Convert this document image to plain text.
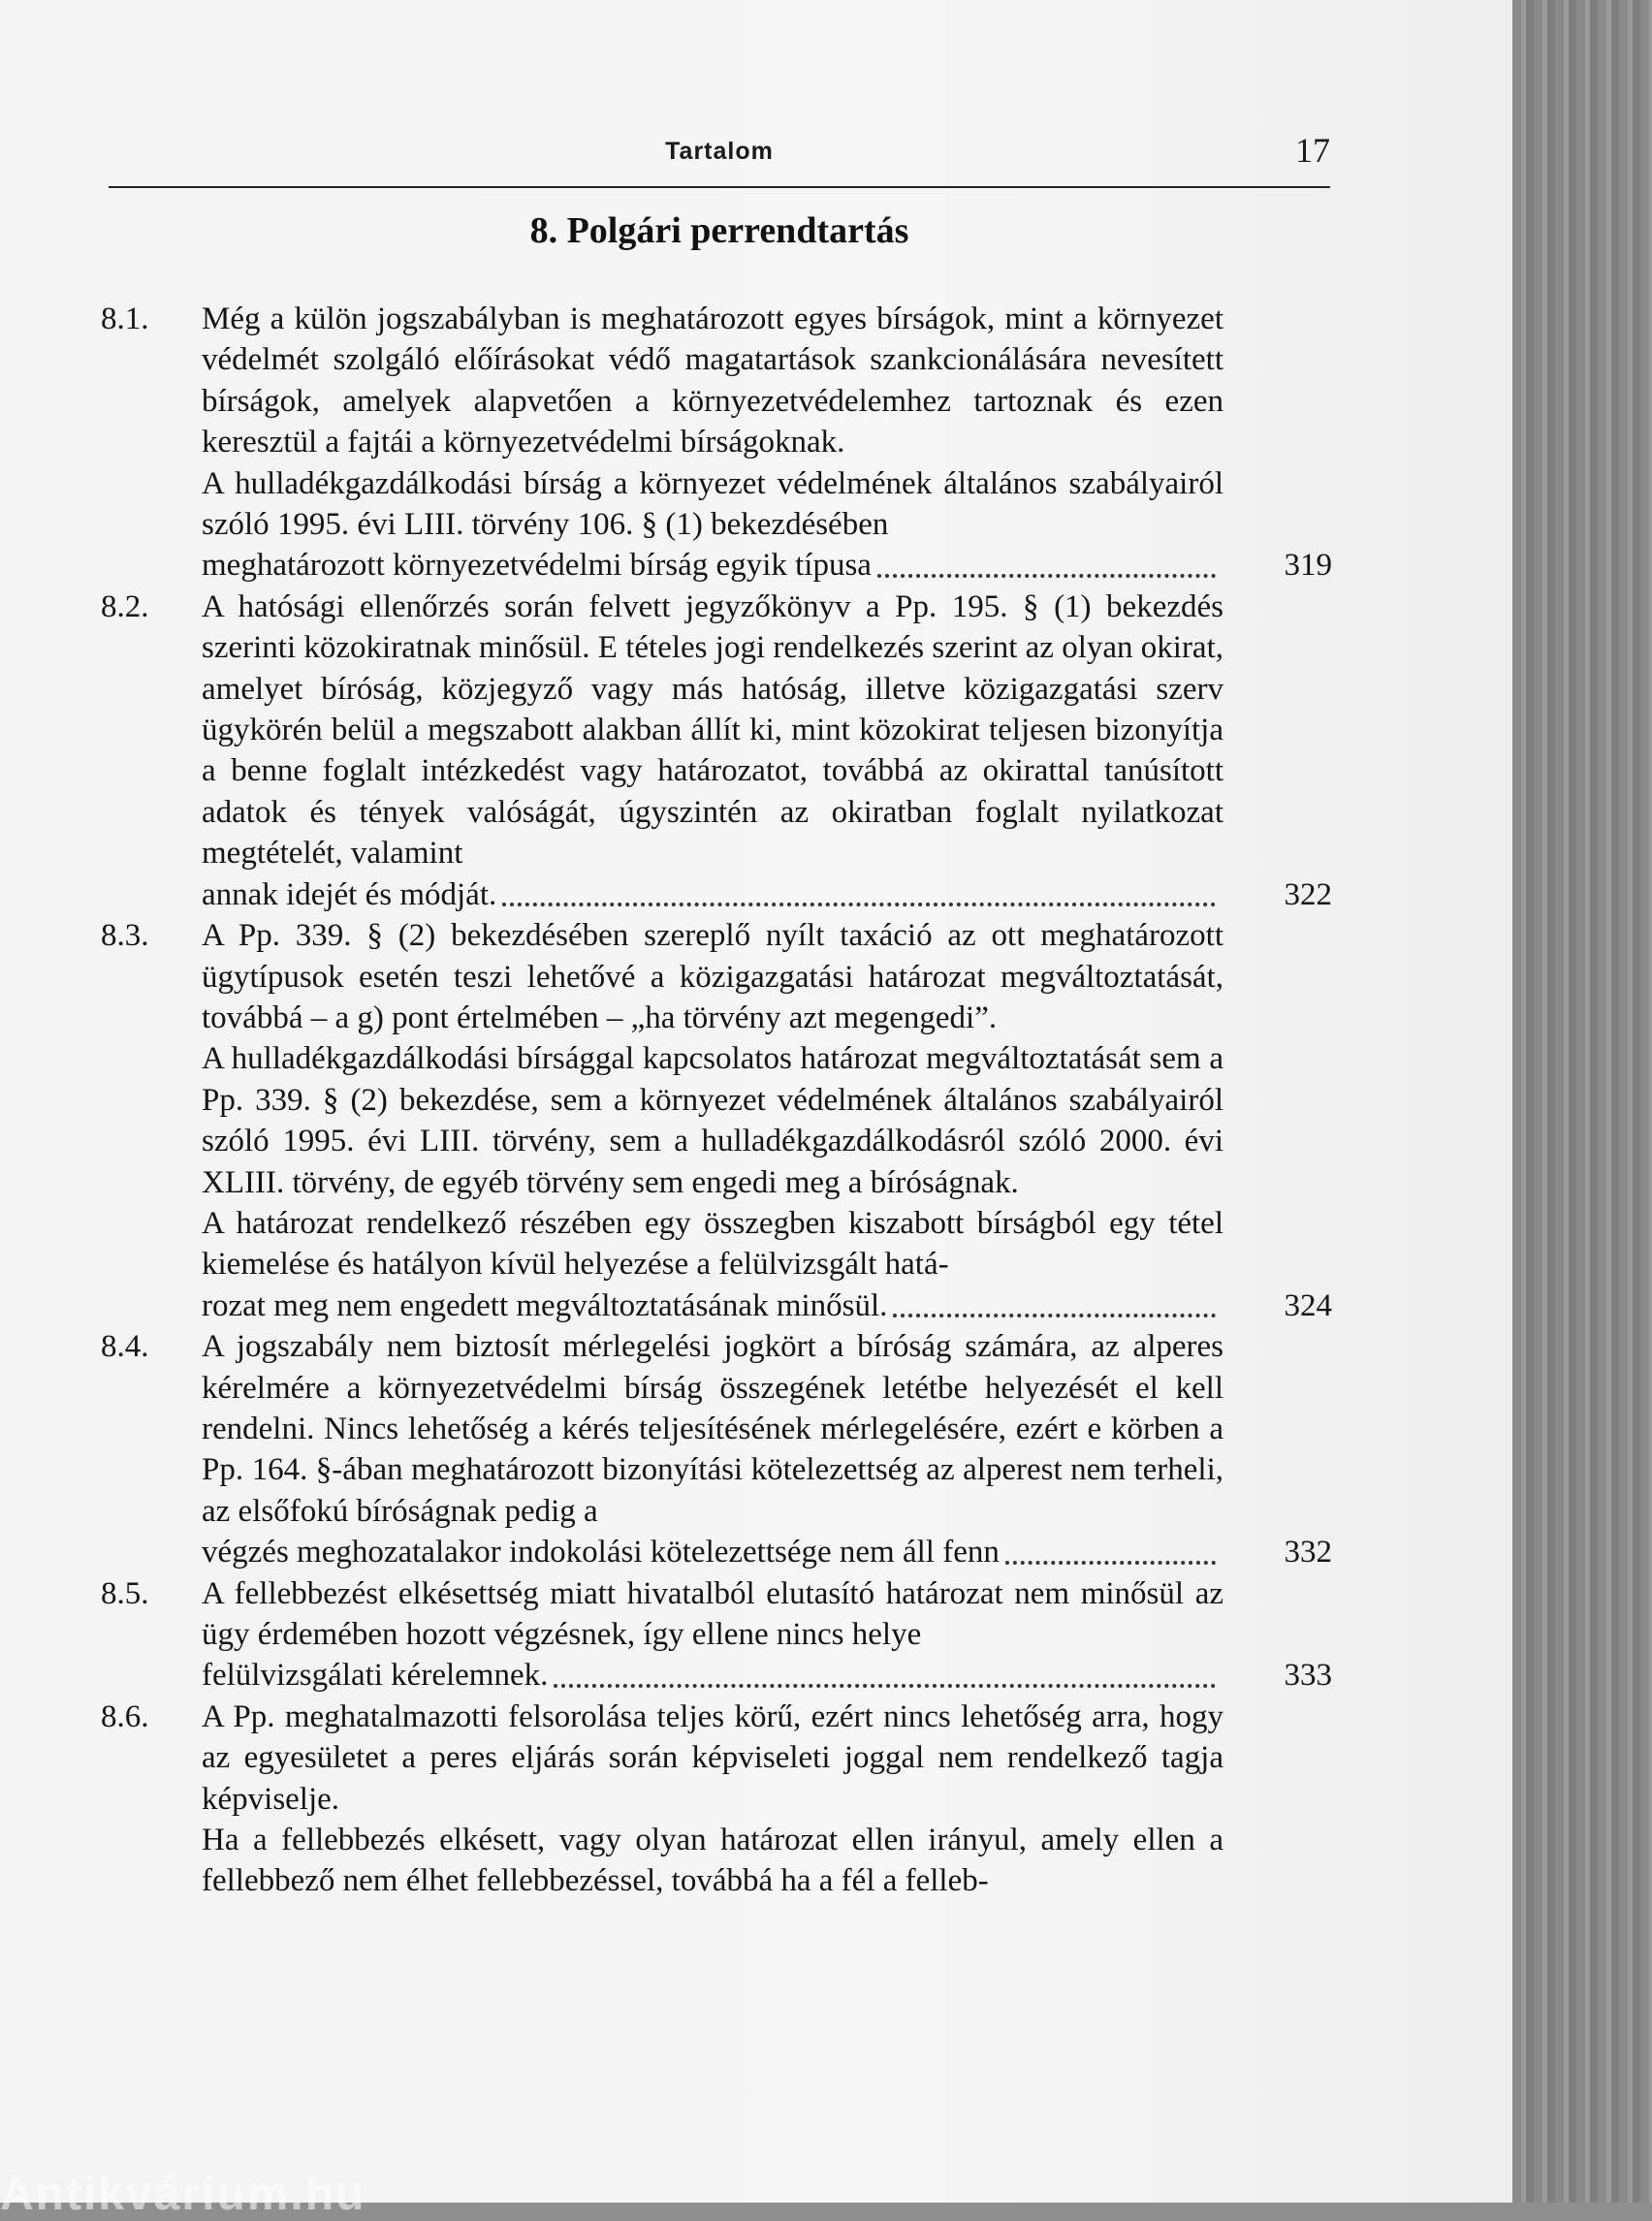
Tartalom	17
8. Polgári perrendtartás
8.1. Még a külön jogszabályban is meghatározott egyes bírságok, mint a környezet védelmét szolgáló előírásokat védő magatartások szankcionálására nevesített bírságok, amelyek alapvetően a környezetvédelemhez tartoznak és ezen keresztül a fajtái a környezetvédelmi bírságoknak.

A hulladékgazdálkodási bírság a környezet védelmének általános szabályairól szóló 1995. évi LIII. törvény 106. § (1) bekezdésében

meghatározott környezetvédelmi bírság egyik típusa	319
8.2. A hatósági ellenőrzés során felvett jegyzőkönyv a Pp. 195. § (1) bekezdés szerinti közokiratnak minősül. E tételes jogi rendelkezés szerint az olyan okirat, amelyet bíróság, közjegyző vagy más hatóság, illetve közigazgatási szerv ügykörén belül a megszabott alakban állít ki, mint közokirat teljesen bizonyítja a benne foglalt intézkedést vagy határozatot, továbbá az okirattal tanúsított adatok és tények valóságát, úgyszintén az okiratban foglalt nyilatkozat megtételét, valamint

annak idejét és módját.	322
8.3. A Pp. 339. § (2) bekezdésében szereplő nyílt taxáció az ott meghatározott ügytípusok esetén teszi lehetővé a közigazgatási határozat megváltoztatását, továbbá – a g) pont értelmében – „ha törvény azt megengedi”.

A hulladékgazdálkodási bírsággal kapcsolatos határozat megváltoztatását sem a Pp. 339. § (2) bekezdése, sem a környezet védelmének általános szabályairól szóló 1995. évi LIII. törvény, sem a hulladékgazdálkodásról szóló 2000. évi XLIII. törvény, de egyéb törvény sem engedi meg a bíróságnak.

A határozat rendelkező részében egy összegben kiszabott bírságból egy tétel kiemelése és hatályon kívül helyezése a felülvizsgált hatá-

rozat meg nem engedett megváltoztatásának minősül.	324
8.4. A jogszabály nem biztosít mérlegelési jogkört a bíróság számára, az alperes kérelmére a környezetvédelmi bírság összegének letétbe helyezését el kell rendelni. Nincs lehetőség a kérés teljesítésének mérlegelésére, ezért e körben a Pp. 164. §-ában meghatározott bizonyítási kötelezettség az alperest nem terheli, az elsőfokú bíróságnak pedig a

végzés meghozatalakor indokolási kötelezettsége nem áll fenn	332
8.5. A fellebbezést elkésettség miatt hivatalból elutasító határozat nem minősül az ügy érdemében hozott végzésnek, így ellene nincs helye

felülvizsgálati kérelemnek.	333
8.6. A Pp. meghatalmazotti felsorolása teljes körű, ezért nincs lehetőség arra, hogy az egyesületet a peres eljárás során képviseleti joggal nem rendelkező tagja képviselje.

Ha a fellebbezés elkésett, vagy olyan határozat ellen irányul, amely ellen a fellebbező nem élhet fellebbezéssel, továbbá ha a fél a felleb-

Antikvárium.hu
